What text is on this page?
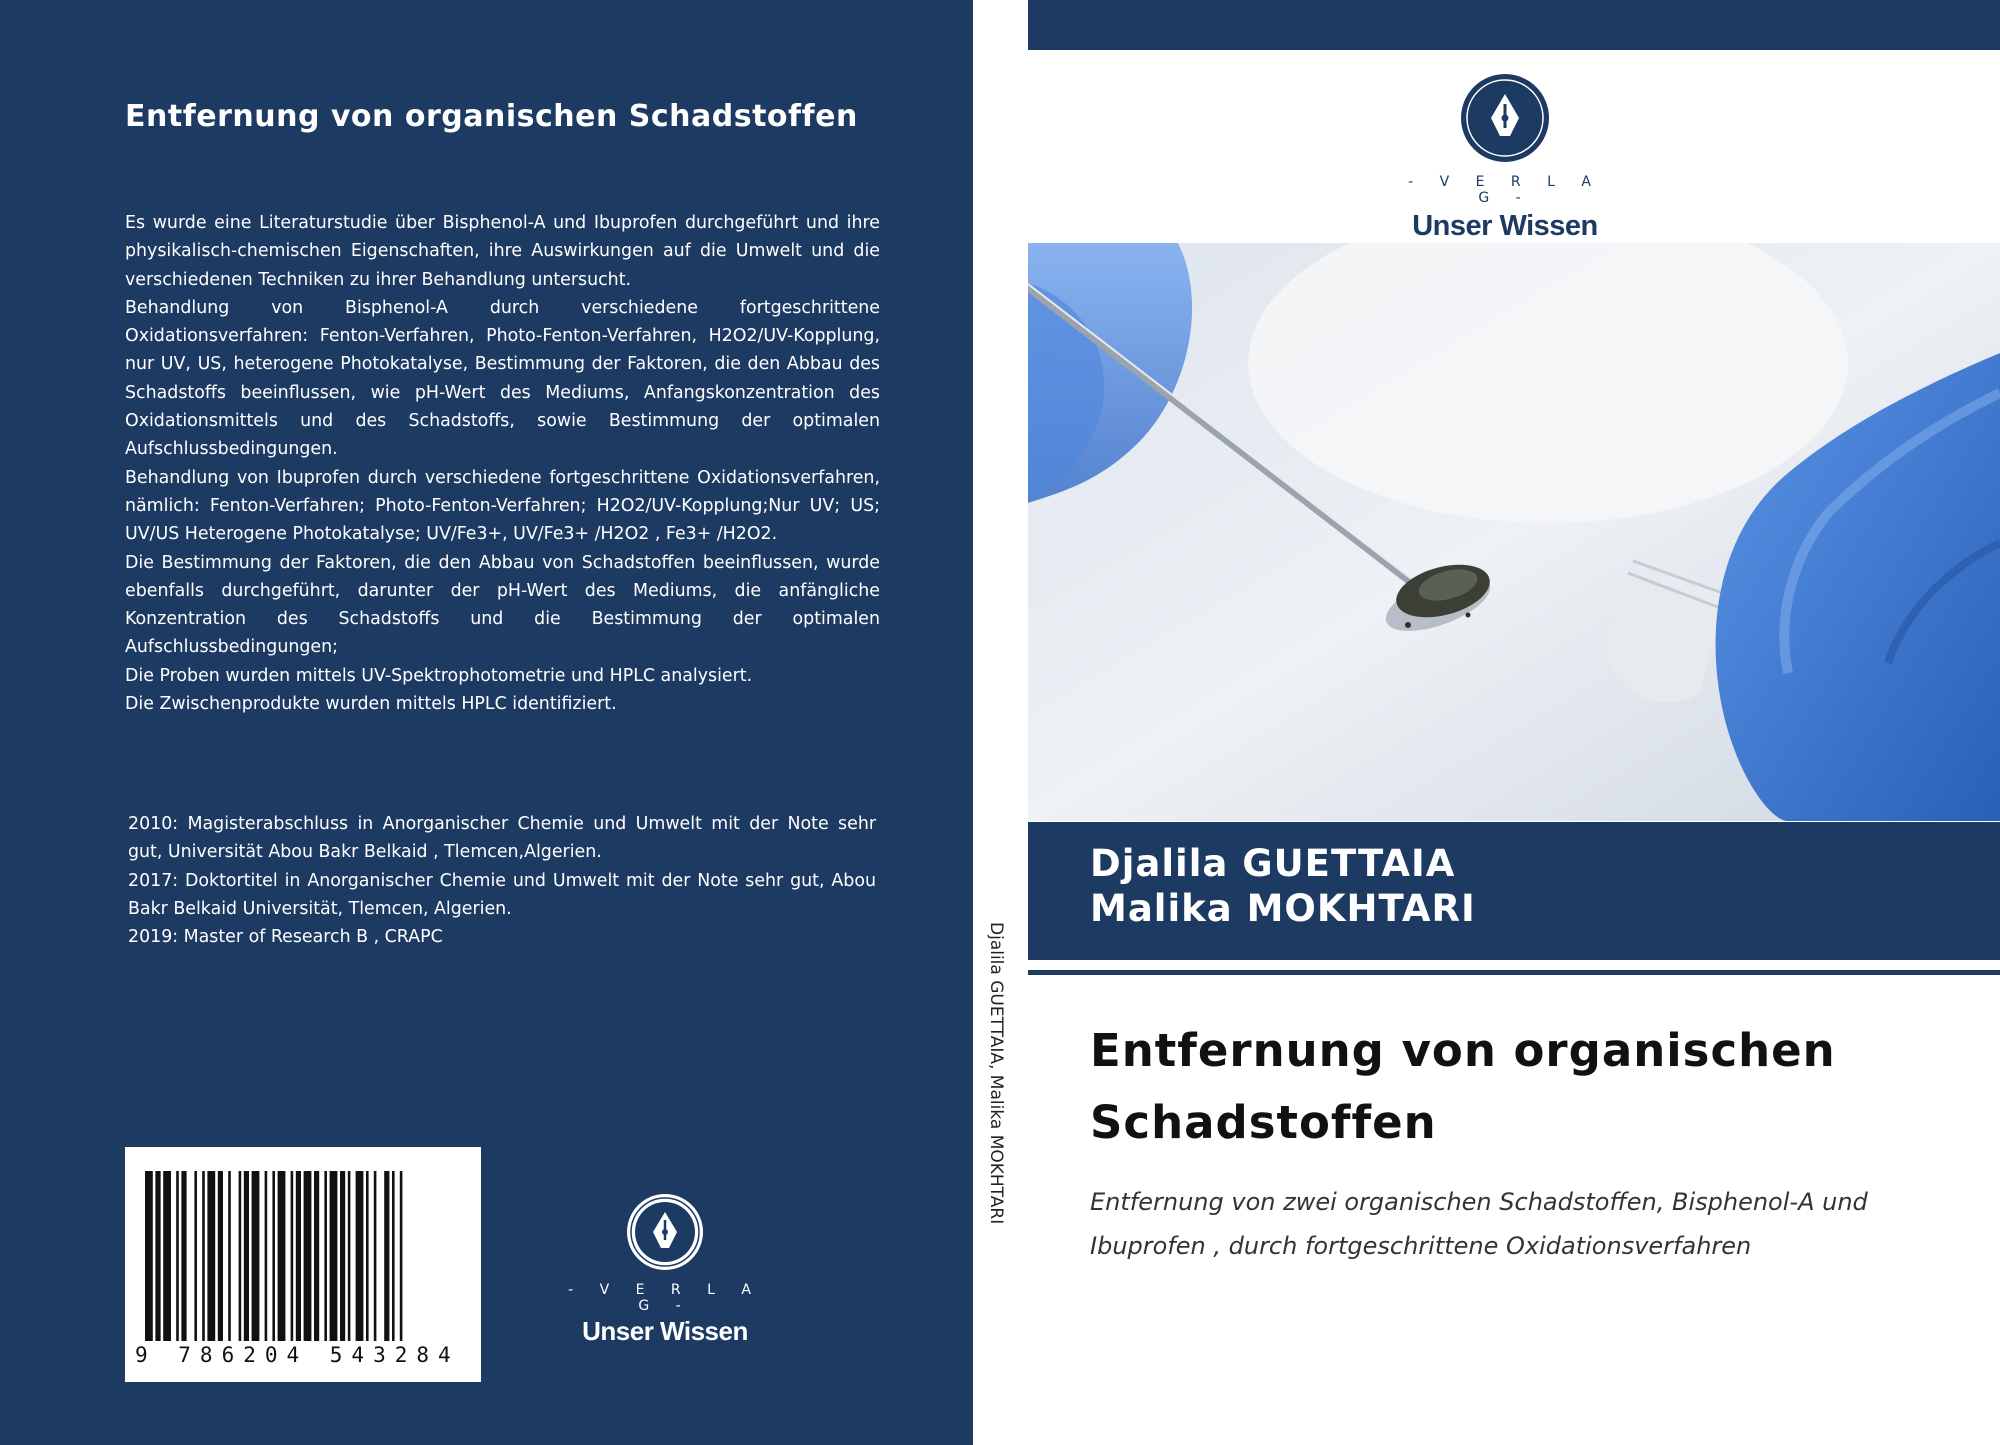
Entfernung von organischen Schadstoffen

Es wurde eine Literaturstudie über Bisphenol-A und Ibuprofen durchgeführt und ihre physikalisch-chemischen Eigenschaften, ihre Auswirkungen auf die Umwelt und die verschiedenen Techniken zu ihrer Behandlung untersucht.

Behandlung von Bisphenol-A durch verschiedene fortgeschrittene Oxidationsverfahren: Fenton-Verfahren, Photo-Fenton-Verfahren, H2O2/UV-Kopplung, nur UV, US, heterogene Photokatalyse, Bestimmung der Faktoren, die den Abbau des Schadstoffs beeinflussen, wie pH-Wert des Mediums, Anfangskonzentration des Oxidationsmittels und des Schadstoffs, sowie Bestimmung der optimalen Aufschlussbedingungen.

Behandlung von Ibuprofen durch verschiedene fortgeschrittene Oxidationsverfahren, nämlich: Fenton-Verfahren; Photo-Fenton-Verfahren; H2O2/UV-Kopplung;Nur UV; US; UV/US Heterogene Photokatalyse; UV/Fe3+, UV/Fe3+ /H2O2 , Fe3+ /H2O2.

Die Bestimmung der Faktoren, die den Abbau von Schadstoffen beeinflussen, wurde ebenfalls durchgeführt, darunter der pH-Wert des Mediums, die anfängliche Konzentration des Schadstoffs und die Bestimmung der optimalen Aufschlussbedingungen;

Die Proben wurden mittels UV-Spektrophotometrie und HPLC analysiert.

Die Zwischenprodukte wurden mittels HPLC identifiziert.

2010: Magisterabschluss in Anorganischer Chemie und Umwelt mit der Note sehr gut, Universität Abou Bakr Belkaid , Tlemcen,Algerien.

2017: Doktortitel in Anorganischer Chemie und Umwelt mit der Note sehr gut, Abou Bakr Belkaid Universität, Tlemcen, Algerien.

2019: Master of Research B , CRAPC

9 786204 543284
- V E R L A G -
Unser Wissen
Djalila GUETTAIA, Malika MOKHTARI
- V E R L A G -
Unser Wissen
Djalila GUETTAIA
Malika MOKHTARI
Entfernung von organischen
Schadstoffen
Entfernung von zwei organischen Schadstoffen, Bisphenol-A und Ibuprofen , durch fortgeschrittene Oxidationsverfahren
